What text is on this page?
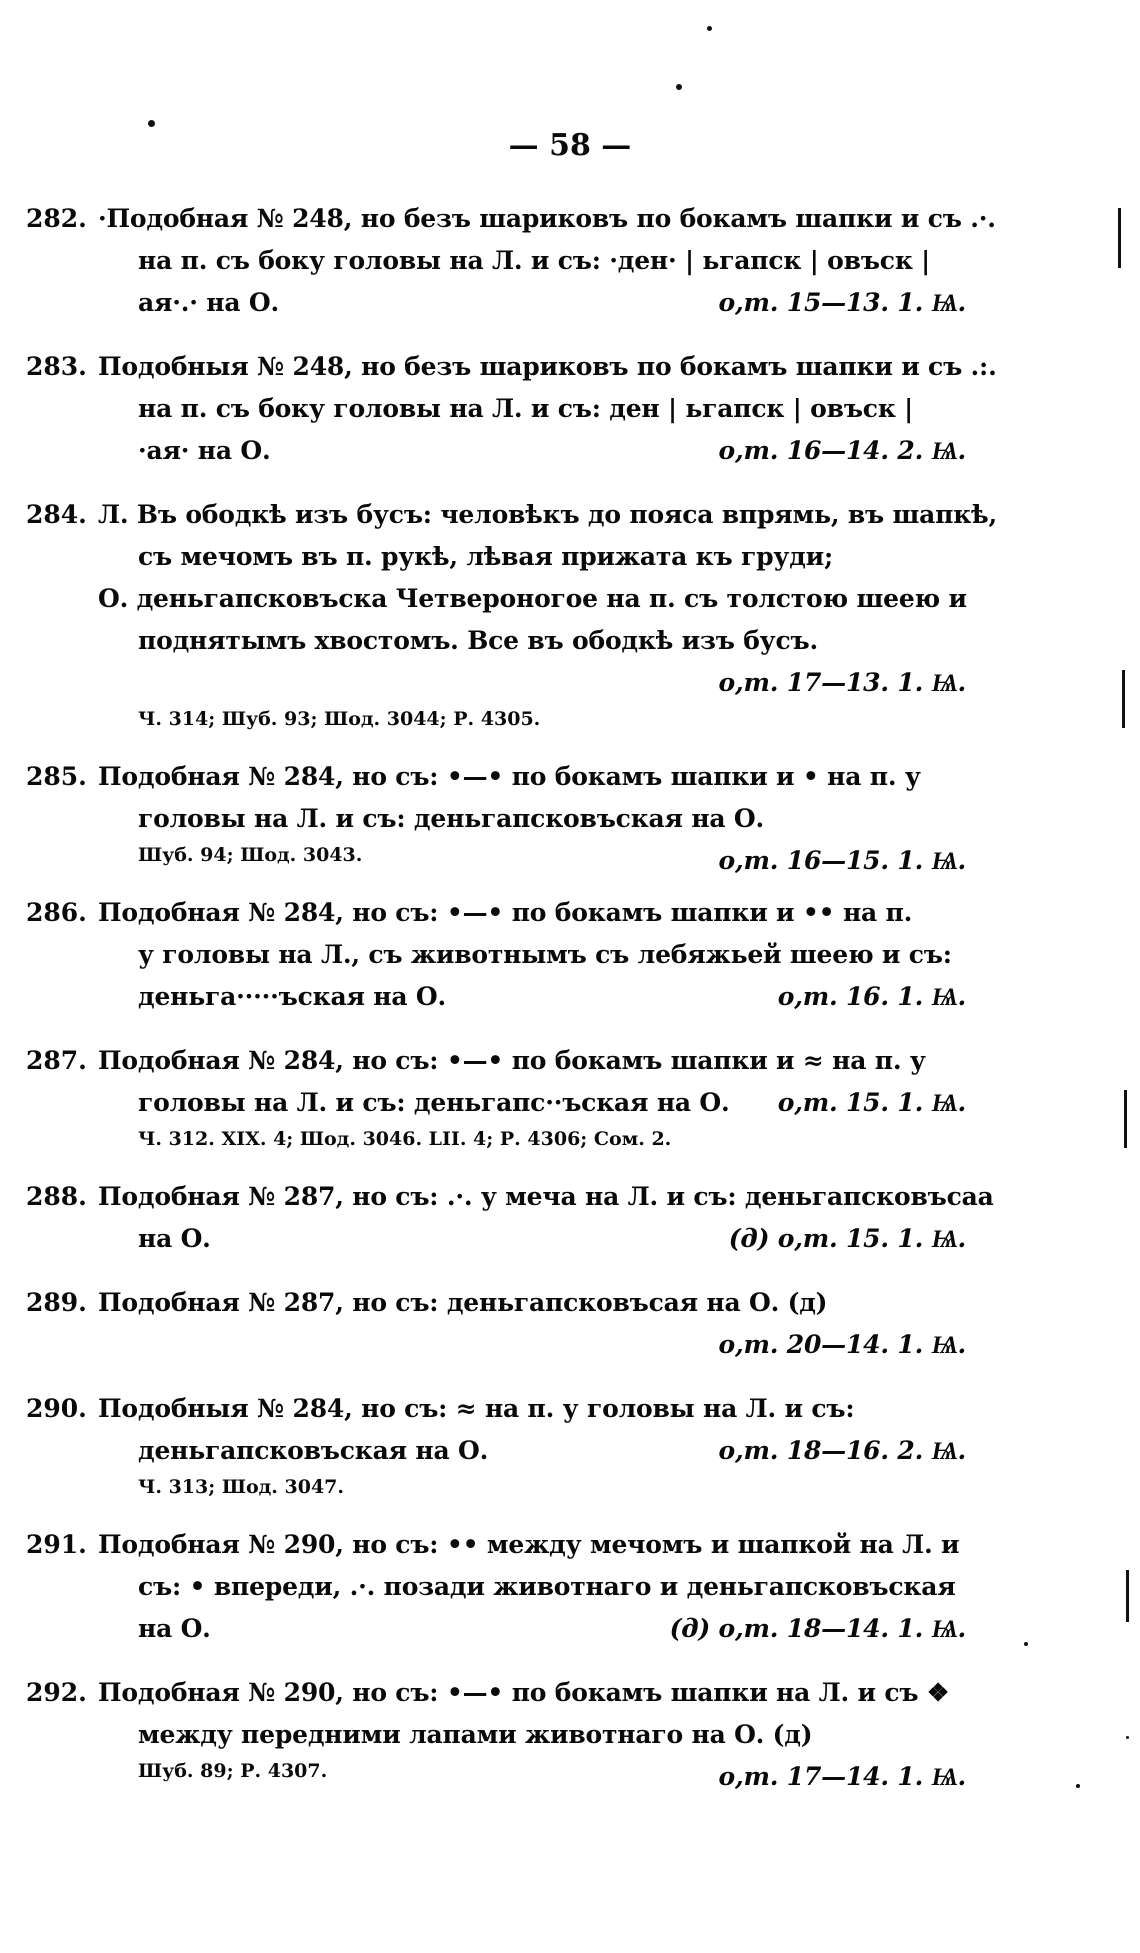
— 58 —
282. ·Подобная № 248, но безъ шариковъ по бокамъ шапки и съ .·.
на п. съ боку головы на Л. и съ: ·ден· | ьгапск | овъск |
ая·.· на О.	о,т. 15—13. 1. Ѩ.
283. Подобныя № 248, но безъ шариковъ по бокамъ шапки и съ .:.
на п. съ боку головы на Л. и съ: ден | ьгапск | овъск |
·ая· на О.	о,т. 16—14. 2. Ѩ.
284. Л. Въ ободкѣ изъ бусъ: человѣкъ до пояса впрямь, въ шапкѣ,
съ мечомъ въ п. рукѣ, лѣвая прижата къ груди;
О. деньгапсковъска Четвероногое на п. съ толстою шеею и
поднятымъ хвостомъ. Все въ ободкѣ изъ бусъ.
о,т. 17—13. 1. Ѩ.

Ч. 314; Шуб. 93; Шод. 3044; Р. 4305.
285. Подобная № 284, но съ: •—• по бокамъ шапки и • на п. у
головы на Л. и съ: деньгапсковъская на О.
о,т. 16—15. 1. Ѩ.
Шуб. 94; Шод. 3043.
286. Подобная № 284, но съ: •—• по бокамъ шапки и •• на п.
у головы на Л., съ животнымъ съ лебяжьей шеею и съ:
деньга·····ъская на О.	о,т. 16. 1. Ѩ.
287. Подобная № 284, но съ: •—• по бокамъ шапки и ≈ на п. у
головы на Л. и съ: деньгапс··ъская на О. о,т. 15. 1. Ѩ.
Ч. 312. XIX. 4; Шод. 3046. LII. 4; Р. 4306; Сом. 2.
288. Подобная № 287, но съ: .·. у меча на Л. и съ: деньгапсковъсаа
на О.	(д) о,т. 15. 1. Ѩ.
289. Подобная № 287, но съ: деньгапсковъсая на О. (д)
о,т. 20—14. 1. Ѩ.

290. Подобныя № 284, но съ: ≈ на п. у головы на Л. и съ:
деньгапсковъская на О.	о,т. 18—16. 2. Ѩ.
Ч. 313; Шод. 3047.
291. Подобная № 290, но съ: •• между мечомъ и шапкой на Л. и
съ: • впереди, .·. позади животнаго и деньгапсковъская
на О.	(д) о,т. 18—14. 1. Ѩ.
292. Подобная № 290, но съ: •—• по бокамъ шапки на Л. и съ ❖
между передними лапами животнаго на О. (д)
о,т. 17—14. 1. Ѩ.
Шуб. 89; Р. 4307.
